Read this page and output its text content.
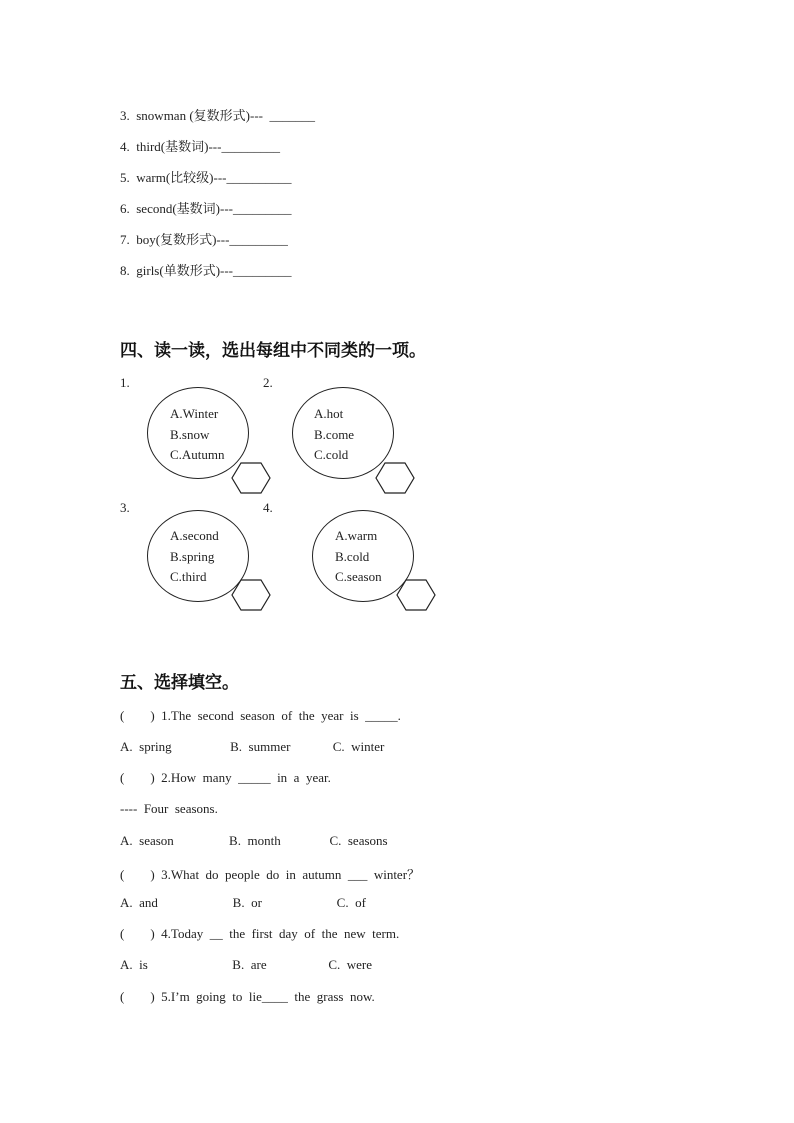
3.  snowman (复数形式)---  _______
4.  third(基数词)---_________
5.  warm(比较级)---__________
6.  second(基数词)---_________
7.  boy(复数形式)---_________
8.  girls(单数形式)---_________
四、读一读，选出每组中不同类的一项。
1.
A.Winter
B.snow
C.Autumn
2.
A.hot
B.come
C.cold
3.
A.second
B.spring
C.third
4.
A.warm
B.cold
C.season
五、选择填空。
(        )  1.The  second  season  of  the  year  is  _____.
A.  spring                  B.  summer             C.  winter
(        )  2.How  many  _____  in  a  year.
----  Four  seasons.
A.  season                 B.  month               C.  seasons
(        )  3.What  do  people  do  in  autumn  ___  winter？
A.  and                       B.  or                       C.  of
(        )  4.Today  __  the  first  day  of  the  new  term.
A.  is                          B.  are                   C.  were
(        )  5.I’m  going  to  lie____  the  grass  now.
